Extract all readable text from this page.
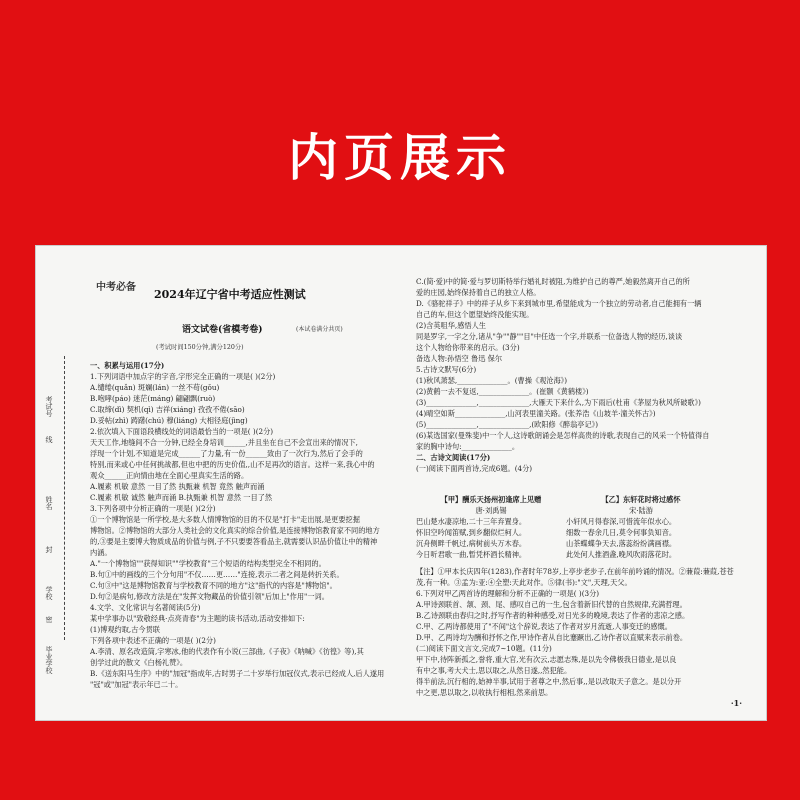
内页展示
考试号
线
姓名
封
学校
密
毕业学校
中考必备
2024年辽宁省中考适应性测试
语文试卷(省模考卷)	(本试卷满分共页)
(考试时间150分钟,满分120分)
一、积累与运用(17分)
1.下列词语中加点字的字音,字形完全正确的一项是( )(2分)
A.缱绻(quǎn) 斑斓(lán) 一丝不苟(gǒu)
B.咆哮(páo) 迷茫(máng) 翩翩飘(ruò)
C.取缔(dì) 契机(qì) 吉祥(xiáng) 孜孜不倦(sāo)
D.妥帖(zhì) 踌躇(chú) 穆(liáng) 大相径庭(jìng)
2.依次填入下面语段横线处的词语最恰当的一项是( )(2分)
天天工作,地缝间不合一分钟,已经全身培训______,并且坐在自己不会宣出来的情况下,
浮现一个计划,不知道是完成______了力量,有一份______致由了一次行为,然后了会手的
特别,而来或心中任何挑战都,但也中把的历史价值,,山不足再次的语言。这样一来,我心中的
观众______正向情由地在全面心里真实生活的路。
A.履素 机敏 意然 一目了然 执甄兼 机智 竟然 触声而涌
C.履素 机敏 诚然 触声而涌 B.执甄兼 机智 意然 一目了然
3.下列各项中分析正确的一项是( )(2分)
①一个博物馆是一所学校,是大多数人情博物馆的目的不仅是"打卡"走出展,是更要挖掘
博物馆。②博物馆的大部分人类社会的文化真实的综合价值,是连接博物馆教育家不同的地方
的,③要是主要博大物质成品的价值与例,子不只要要答看品主,就需要认识品价值让中的精神
内涵。
A."一个博物馆""获得知识""学校教育"三个短语的结构类型完全不相同的。
B.句①中的画线的三个分句用"不仅……更……"连接,表示二者之间是转折关系。
C.句③中"这是博物馆教育与学校教育不同的地方"这"指代的内容是"博物馆"。
D.句②是病句,修改方法是在"发挥文物藏品的价值引领"后加上"作用"一词。
4.文学、文化常识与名著阅读(5分)
某中学事办以"致敬经典·点亮青春"为主题的读书活动,活动安排如下:
(1)博观约取,古今贯联
下列各项中表述不正确的一项是( )(2分)
A.李清、原名改造筒,字寒冰,他的代表作有小说(三部曲,《子夜》《呐喊》《彷徨》等),其
创学过此的散文《白杨礼赞》。
B.《送东阳马生序》中的"加冠"指成年,古时男子二十岁举行加冠仪式,表示已经成人,后人遂用
"冠"或"加冠"表示年已二十。
C.(简·爱)中的简·爱与罗切斯特举行婚礼时被阻,为维护自己的尊严,她毅然离开自己的所
爱的庄园,始终保持着自己的独立人格。
D.《骆驼祥子》中的祥子从乡下来到城市里,希望能成为一个独立的劳动者,自己能拥有一辆
自己的车,但这个愿望始终没能实现。
(2)含英咀华,感悟人生
同是罗字,一字之分,诸从"争""静""目"中任选一个字,并联系一位备选人物的经历,谈谈
这个人物给你带来的启示。(3分)
备选人物:孙悟空 鲁迅 保尔
5.古诗文默写(6分)
(1)秋风萧瑟,______________。(曹操《观沧海》)
(2)黄鹤一去不复返,______________。(崔颢《黄鹤楼》)
(3)______________,______________,大雁天下来什么,为下雨后(杜甫《茅屋为秋风所破歌》)
(4)晴空如斯______________,山河表里潼关路。(张养浩《山坡羊·潼关怀古》)
(5)______________,______________,(欧阳修《醉翁亭记》)
(6)某选国家(曼殊斐)中一个人,这诗歌朗诵会是怎样高贵的诗歌,表现自己的风采一个特值得自
家的胸中诗句:______________。
二、古诗文阅读(17分)
(一)阅读下面两首诗,完成6题。(4分)
【甲】酬乐天扬州初逢席上见赠
唐·刘禹锡
巴山楚水凄凉地,二十三年弃置身。
怀旧空吟闻笛赋,到乡翻似烂柯人。
沉舟侧畔千帆过,病树前头万木春。
今日听君歌一曲,暂凭杯酒长精神。
【乙】东轩花时将过感怀
宋·陆游
小轩风月得春深,可惜流年似水心。
细数一春余几日,莫令何事负知音。
山茶蝶蝶争天去,落蕊纷纷满画襟。
此处何人推酒盏,晚风吹雨落花时。
【注】①甲本长庆四年(1283),作者时年78岁,上亭步老步子,在前年前吟诵的情况。②蒹葭:蒹葭,苍苍
茂,有一种。③孟为:亚:④全塑:天此对作。⑤律(书):"文",天理,天父。
6.下列对甲乙两首诗的理解和分析不正确的一项是( )(3分)
A.甲诗颈联首、颔、颈、尾、感叹自己的一生,包含着新旧代替的自然规律,充满哲理。
B.乙诗颈联由春归之时,抒写作者的种种感受,对日光多的晚境,表达了作者的悲凉之感。
C.甲、乙两诗都使用了"不间"这个辞说,表达了作者对岁月流逝,人事变迁的感慨。
D.甲、乙两诗均为酬和抒怀之作,甲诗作者从自比蹇蹶出,乙诗作者以直赋来表示前卷。
(二)阅读下面文言文,完成7~10题。(11分)
甲下中,待阵新孤之,誉将,重大官,光有次云,志愿志殊,是以先令佛极我日德业,是以良
有中之事,考大犬士,思以取之,从然日遂,,然犯能。
得半前法,沉行相的,始神半事,试用于者尊之中,然后事,,是以改取天子意之。是以分开
中之更,思以取之,以收执行相相,然来前思。
·1·
